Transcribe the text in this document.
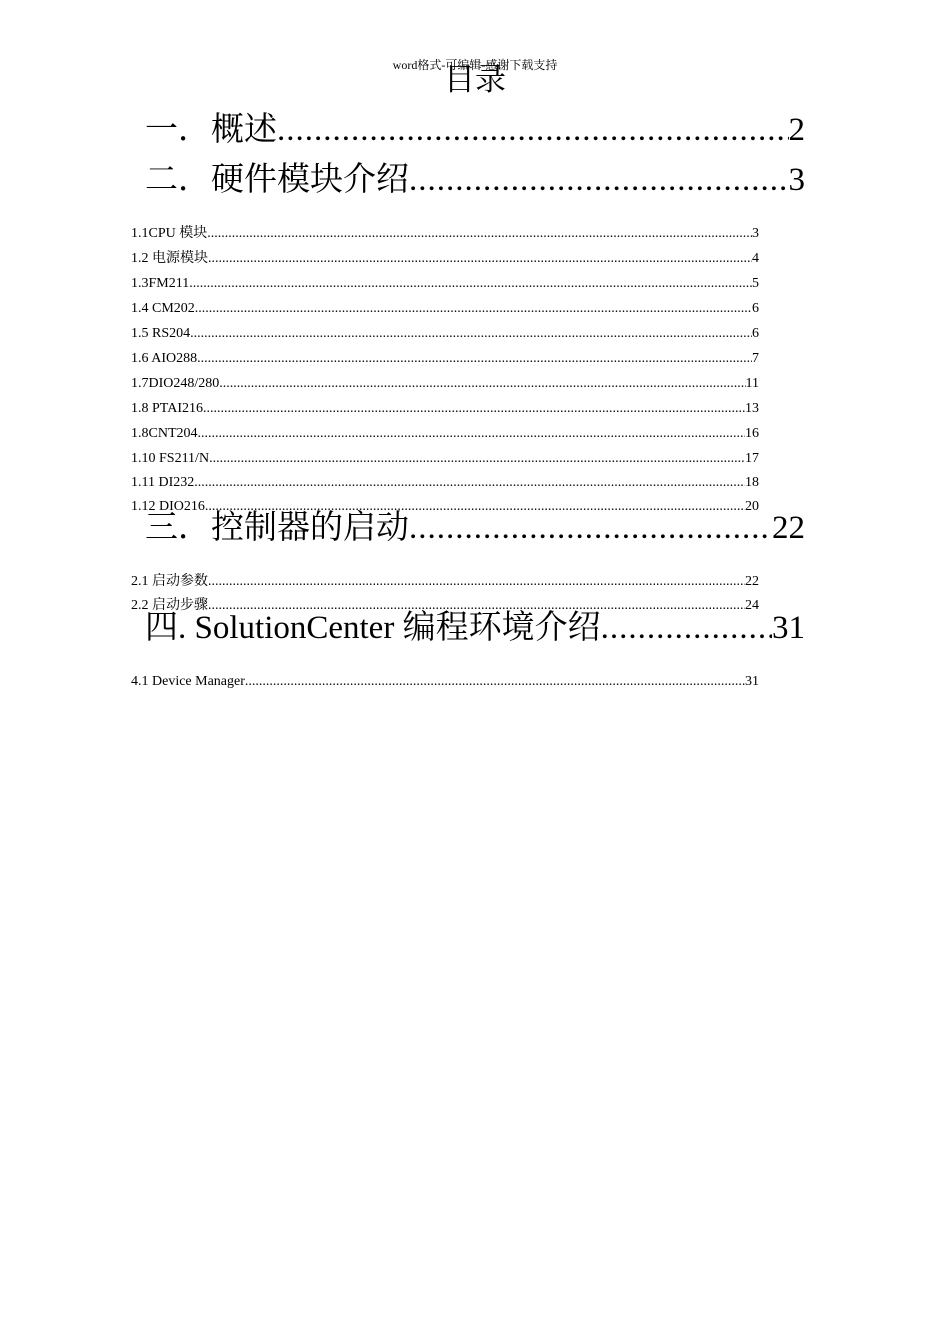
word格式-可编辑-感谢下载支持
目录
一．概述 .....	2
二．硬件模块介绍 .....	3
1.1CPU 模块 .....	3
1.2 电源模块 .....	4
1.3FM211 .....	5
1.4 CM202 .....	6
1.5 RS204 .....	6
1.6 AIO288 .....	7
1.7DIO248/280 .....	11
1.8 PTAI216 .....	13
1.8CNT204 .....	16
1.10 FS211/N .....	17
1.11 DI232 .....	18
1.12 DIO216 .....	20
三．控制器的启动 .....	22
2.1 启动参数 .....	22
2.2 启动步骤 .....	24
四. SolutionCenter 编程环境介绍 .....	31
4.1 Device Manager .....	31
